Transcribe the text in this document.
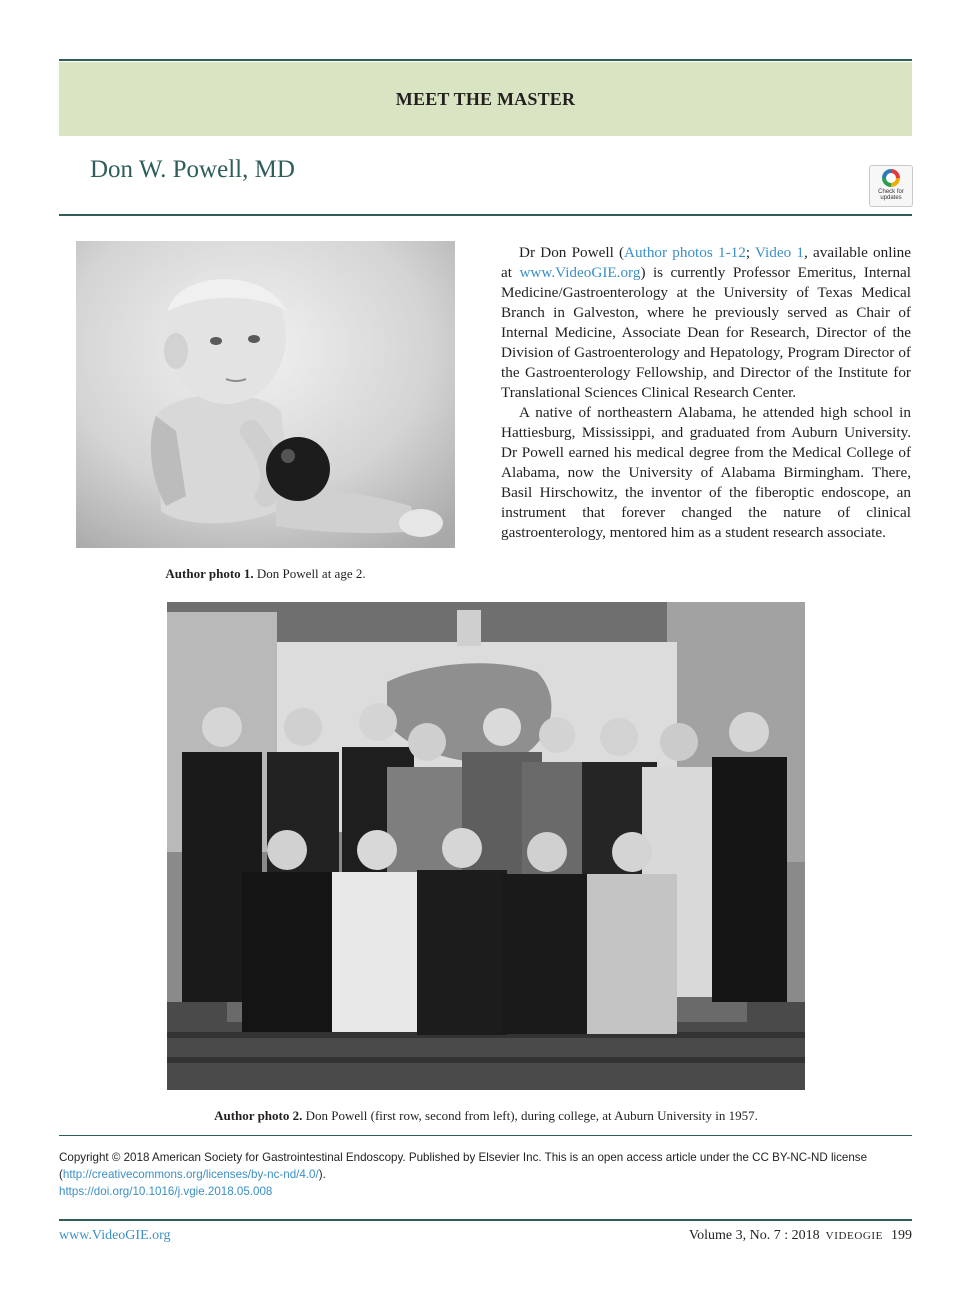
MEET THE MASTER
Don W. Powell, MD
Check for updates
Author photo 1. Don Powell at age 2.

Dr Don Powell (Author photos 1-12; Video 1, available online at www.VideoGIE.org) is currently Professor Emeritus, Internal Medicine/Gastroenterology at the University of Texas Medical Branch in Galveston, where he previously served as Chair of Internal Medicine, Associate Dean for Research, Director of the Division of Gastroenterology and Hepatology, Program Director of the Gastroenterology Fellowship, and Director of the Institute for Translational Sciences Clinical Research Center.

A native of northeastern Alabama, he attended high school in Hattiesburg, Mississippi, and graduated from Auburn University. Dr Powell earned his medical degree from the Medical College of Alabama, now the University of Alabama Birmingham. There, Basil Hirschowitz, the inventor of the fiberoptic endoscope, an instrument that forever changed the nature of clinical gastroenterology, mentored him as a student research associate.

Author photo 2. Don Powell (first row, second from left), during college, at Auburn University in 1957.
Copyright © 2018 American Society for Gastrointestinal Endoscopy. Published by Elsevier Inc. This is an open access article under the CC BY-NC-ND license
(http://creativecommons.org/licenses/by-nc-nd/4.0/).
https://doi.org/10.1016/j.vgie.2018.05.008
www.VideoGIE.org	Volume 3, No. 7 : 2018 VIDEOGIE 199
